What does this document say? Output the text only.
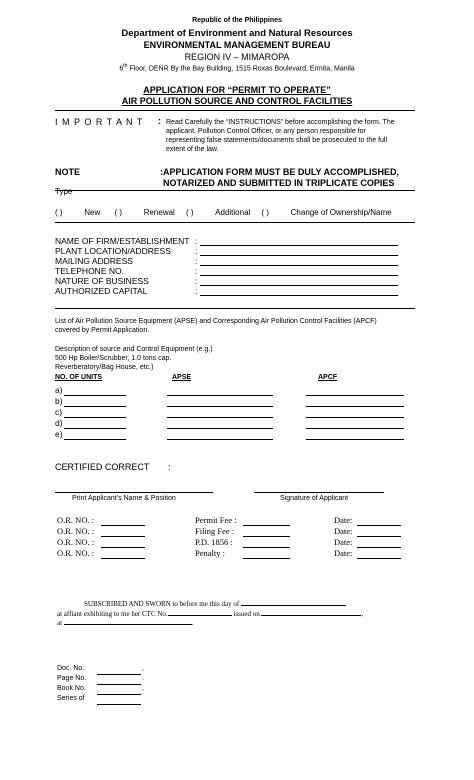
Republic of the Philippines
Department of Environment and Natural Resources
ENVIRONMENTAL MANAGEMENT BUREAU
REGION IV – MIMAROPA
6th Floor, DENR By the Bay Building, 1515 Roxas Boulevard, Ermita, Manila
APPLICATION FOR “PERMIT TO OPERATE”
AIR POLLUTION SOURCE AND CONTROL FACILITIES
I M P O R T A N T : Read Carefully the “INSTRUCTIONS” before accomplishing the form. The
applicant, Pollution Control Officer, or any person responsible for
representing false statements/documents shall be prosecuted to the full
extent of the law.
NOTE	:APPLICATION FORM MUST BE DULY ACCOMPLISHED,
NOTARIZED AND SUBMITTED IN TRIPLICATE COPIES
Type
( )	New ( )	Renewal ( )	Additional ( )	Change of Ownership/Name
NAME OF FIRM/ESTABLISHMENT :
PLANT LOCATION/ADDRESS	:
MAILING ADDRESS	:
TELEPHONE NO.	:
NATURE OF BUSINESS	:
AUTHORIZED CAPITAL	:
List of Air Pollution Source Equipment (APSE) and Corresponding Air Pollution Control Facilities (APCF)
covered by Permit Application.
Description of source and Control Equipment (e.g.)
500 Hp Boiler/Scrubber, 1.0 tons cap.
Reverberatory/Bag House, etc.)
NO. OF UNITS	APSE	APCF
a)
b)
c)
d)
e)
CERTIFIED CORRECT :
Print Applicant’s Name & Position	Signature of Applicant
O.R. NO. :	Permit Fee :	Date:
O.R. NO. :	Filing Fee :	Date:
O.R. NO. :	P.D. 1856 :	Date:
O.R. NO. :	Penalty :	Date:
SUBSCRIBED AND SWORN to before me this day of	,
at affiant exhibiting to me her CTC No.	issued on	,
at	.
Doc. No.	,
Page No.	.
Book No.	,
Series of
